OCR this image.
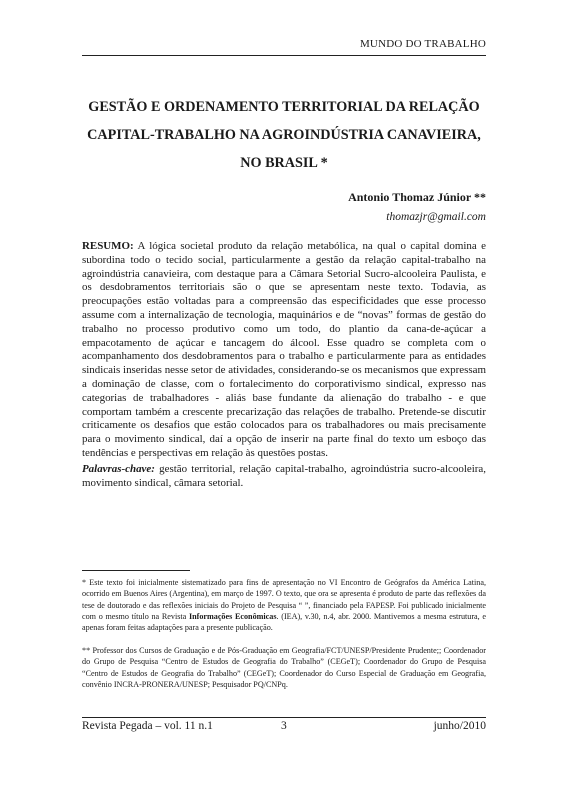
MUNDO DO TRABALHO
GESTÃO E ORDENAMENTO TERRITORIAL DA RELAÇÃO CAPITAL-TRABALHO NA AGROINDÚSTRIA CANAVIEIRA, NO BRASIL *
Antonio Thomaz Júnior **
thomazjr@gmail.com
RESUMO: A lógica societal produto da relação metabólica, na qual o capital domina e subordina todo o tecido social, particularmente a gestão da relação capital-trabalho na agroindústria canavieira, com destaque para a Câmara Setorial Sucro-alcooleira Paulista, e os desdobramentos territoriais são o que se apresentam neste texto. Todavia, as preocupações estão voltadas para a compreensão das especificidades que esse processo assume com a internalização de tecnologia, maquinários e de “novas” formas de gestão do trabalho no processo produtivo como um todo, do plantio da cana-de-açúcar a empacotamento de açúcar e tancagem do álcool. Esse quadro se completa com o acompanhamento dos desdobramentos para o trabalho e particularmente para as entidades sindicais inseridas nesse setor de atividades, considerando-se os mecanismos que expressam a dominação de classe, com o fortalecimento do corporativismo sindical, expresso nas categorias de trabalhadores - aliás base fundante da alienação do trabalho - e que comportam também a crescente precarização das relações de trabalho. Pretende-se discutir criticamente os desafios que estão colocados para os trabalhadores ou mais precisamente para o movimento sindical, daí a opção de inserir na parte final do texto um esboço das tendências e perspectivas em relação às questões postas.
Palavras-chave: gestão territorial, relação capital-trabalho, agroindústria sucro-alcooleira, movimento sindical, câmara setorial.
* Este texto foi inicialmente sistematizado para fins de apresentação no VI Encontro de Geógrafos da América Latina, ocorrido em Buenos Aires (Argentina), em março de 1997. O texto, que ora se apresenta é produto de parte das reflexões da tese de doutorado e das reflexões iniciais do Projeto de Pesquisa “ ”, financiado pela FAPESP. Foi publicado inicialmente com o mesmo título na Revista Informações Econômicas. (IEA), v.30, n.4, abr. 2000. Mantivemos a mesma estrutura, e apenas foram feitas adaptações para a presente publicação.
** Professor dos Cursos de Graduação e de Pós-Graduação em Geografia/FCT/UNESP/Presidente Prudente;; Coordenador do Grupo de Pesquisa “Centro de Estudos de Geografia do Trabalho” (CEGeT); Coordenador do Grupo de Pesquisa “Centro de Estudos de Geografia do Trabalho” (CEGeT); Coordenador do Curso Especial de Graduação em Geografia, convênio INCRA-PRONERA/UNESP; Pesquisador PQ/CNPq.
Revista Pegada – vol. 11 n.1	3	junho/2010
